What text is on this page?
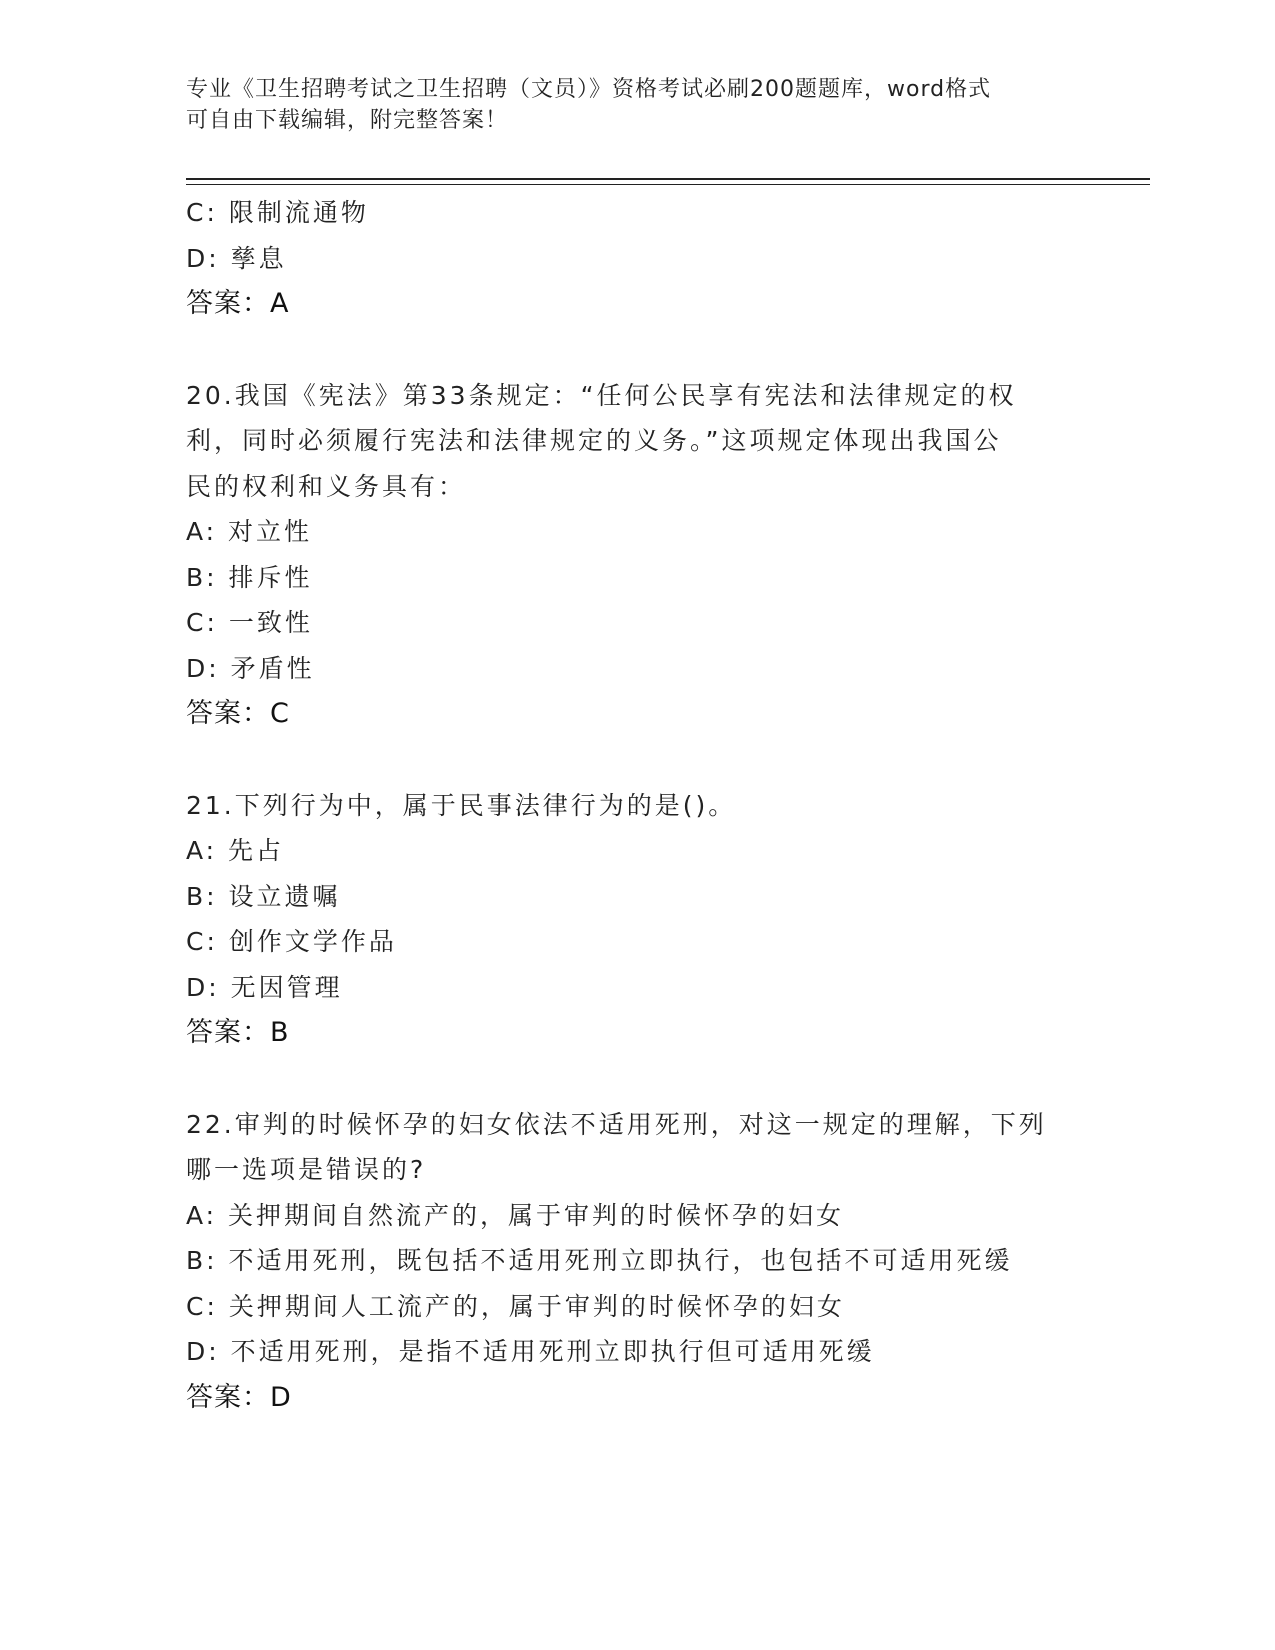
专业《卫生招聘考试之卫生招聘（文员）》资格考试必刷200题题库，word格式

可自由下载编辑，附完整答案！

C: 限制流通物
D: 孳息
答案：A
20.我国《宪法》第33条规定：“任何公民享有宪法和法律规定的权
利，同时必须履行宪法和法律规定的义务。”这项规定体现出我国公
民的权利和义务具有：
A: 对立性
B: 排斥性
C: 一致性
D: 矛盾性
答案：C
21.下列行为中，属于民事法律行为的是()。
A: 先占
B: 设立遗嘱
C: 创作文学作品
D: 无因管理
答案：B
22.审判的时候怀孕的妇女依法不适用死刑，对这一规定的理解，下列
哪一选项是错误的?
A: 关押期间自然流产的，属于审判的时候怀孕的妇女
B: 不适用死刑，既包括不适用死刑立即执行，也包括不可适用死缓
C: 关押期间人工流产的，属于审判的时候怀孕的妇女
D: 不适用死刑，是指不适用死刑立即执行但可适用死缓
答案：D
